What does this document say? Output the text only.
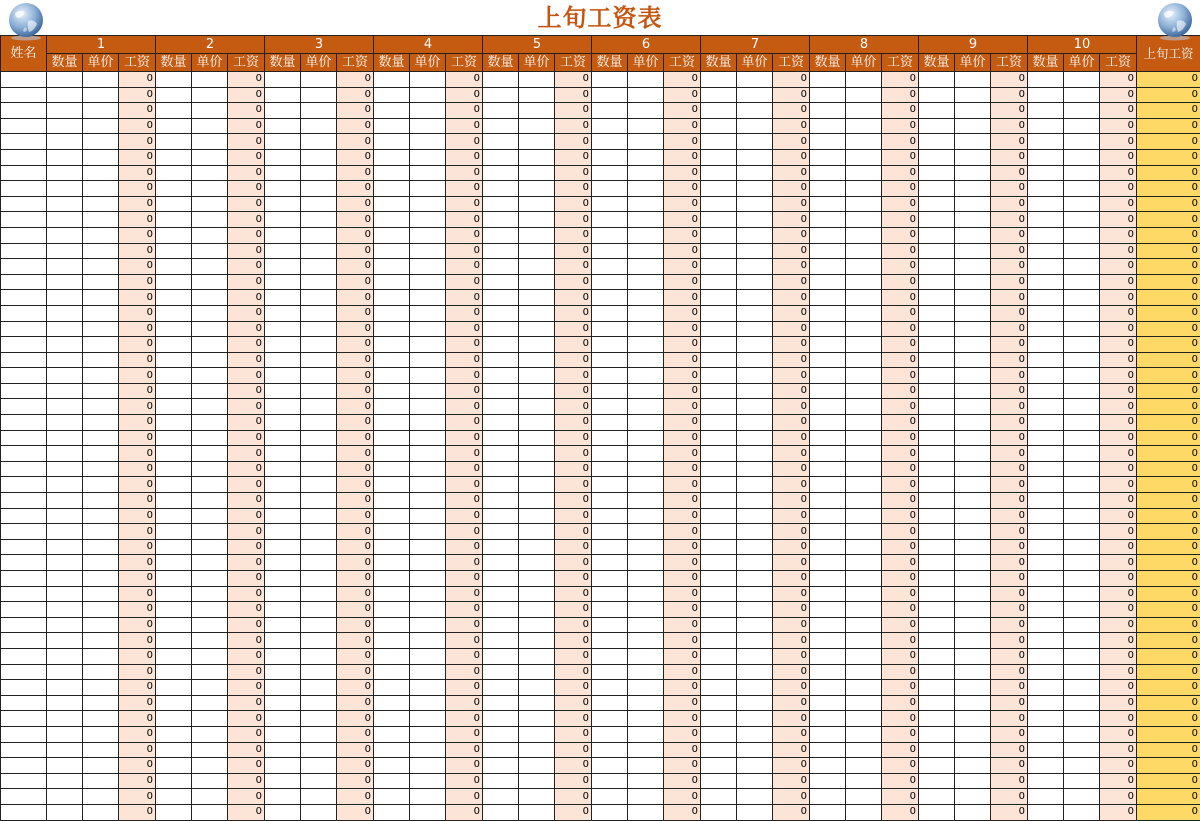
上旬工资表
姓名	1			2			3			4			5			6			7			8			9			10			上旬工资
	数量	单价	工资	数量	单价	工资	数量	单价	工资	数量	单价	工资	数量	单价	工资	数量	单价	工资	数量	单价	工资	数量	单价	工资	数量	单价	工资	数量	单价	工资	
			0			0			0			0			0			0			0			0			0			0	0
			0			0			0			0			0			0			0			0			0			0	0
			0			0			0			0			0			0			0			0			0			0	0
			0			0			0			0			0			0			0			0			0			0	0
			0			0			0			0			0			0			0			0			0			0	0
			0			0			0			0			0			0			0			0			0			0	0
			0			0			0			0			0			0			0			0			0			0	0
			0			0			0			0			0			0			0			0			0			0	0
			0			0			0			0			0			0			0			0			0			0	0
			0			0			0			0			0			0			0			0			0			0	0
			0			0			0			0			0			0			0			0			0			0	0
			0			0			0			0			0			0			0			0			0			0	0
			0			0			0			0			0			0			0			0			0			0	0
			0			0			0			0			0			0			0			0			0			0	0
			0			0			0			0			0			0			0			0			0			0	0
			0			0			0			0			0			0			0			0			0			0	0
			0			0			0			0			0			0			0			0			0			0	0
			0			0			0			0			0			0			0			0			0			0	0
			0			0			0			0			0			0			0			0			0			0	0
			0			0			0			0			0			0			0			0			0			0	0
			0			0			0			0			0			0			0			0			0			0	0
			0			0			0			0			0			0			0			0			0			0	0
			0			0			0			0			0			0			0			0			0			0	0
			0			0			0			0			0			0			0			0			0			0	0
			0			0			0			0			0			0			0			0			0			0	0
			0			0			0			0			0			0			0			0			0			0	0
			0			0			0			0			0			0			0			0			0			0	0
			0			0			0			0			0			0			0			0			0			0	0
			0			0			0			0			0			0			0			0			0			0	0
			0			0			0			0			0			0			0			0			0			0	0
			0			0			0			0			0			0			0			0			0			0	0
			0			0			0			0			0			0			0			0			0			0	0
			0			0			0			0			0			0			0			0			0			0	0
			0			0			0			0			0			0			0			0			0			0	0
			0			0			0			0			0			0			0			0			0			0	0
			0			0			0			0			0			0			0			0			0			0	0
			0			0			0			0			0			0			0			0			0			0	0
			0			0			0			0			0			0			0			0			0			0	0
			0			0			0			0			0			0			0			0			0			0	0
			0			0			0			0			0			0			0			0			0			0	0
			0			0			0			0			0			0			0			0			0			0	0
			0			0			0			0			0			0			0			0			0			0	0
			0			0			0			0			0			0			0			0			0			0	0
			0			0			0			0			0			0			0			0			0			0	0
			0			0			0			0			0			0			0			0			0			0	0
			0			0			0			0			0			0			0			0			0			0	0
			0			0			0			0			0			0			0			0			0			0	0
			0			0			0			0			0			0			0			0			0			0	0
